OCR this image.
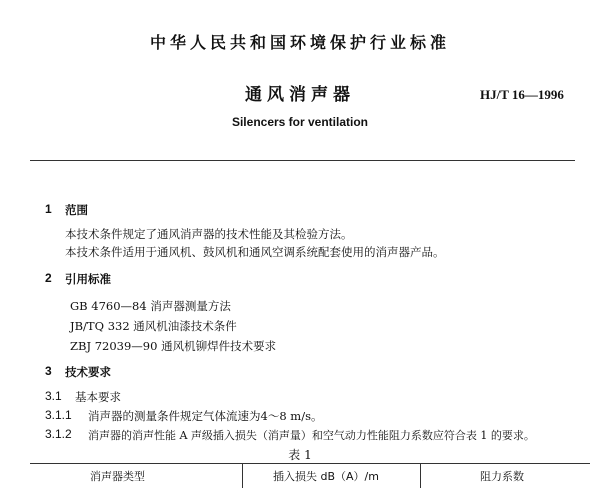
中华人民共和国环境保护行业标准
通风消声器	HJ/T 16—1996
Silencers for ventilation
1 范围
本技术条件规定了通风消声器的技术性能及其检验方法。
本技术条件适用于通风机、鼓风机和通风空调系统配套使用的消声器产品。
2 引用标准
GB 4760—84 消声器测量方法
JB/TQ 332 通风机油漆技术条件
ZBJ 72039—90 通风机铆焊件技术要求
3 技术要求
3.1 基本要求
3.1.1 消声器的测量条件规定气体流速为4～8 m/s。
3.1.2 消声器的消声性能 A 声级插入损失（消声量）和空气动力性能阻力系数应符合表 1 的要求。
表 1
消声器类型	插入损失 dB（A）/m	阻力系数
